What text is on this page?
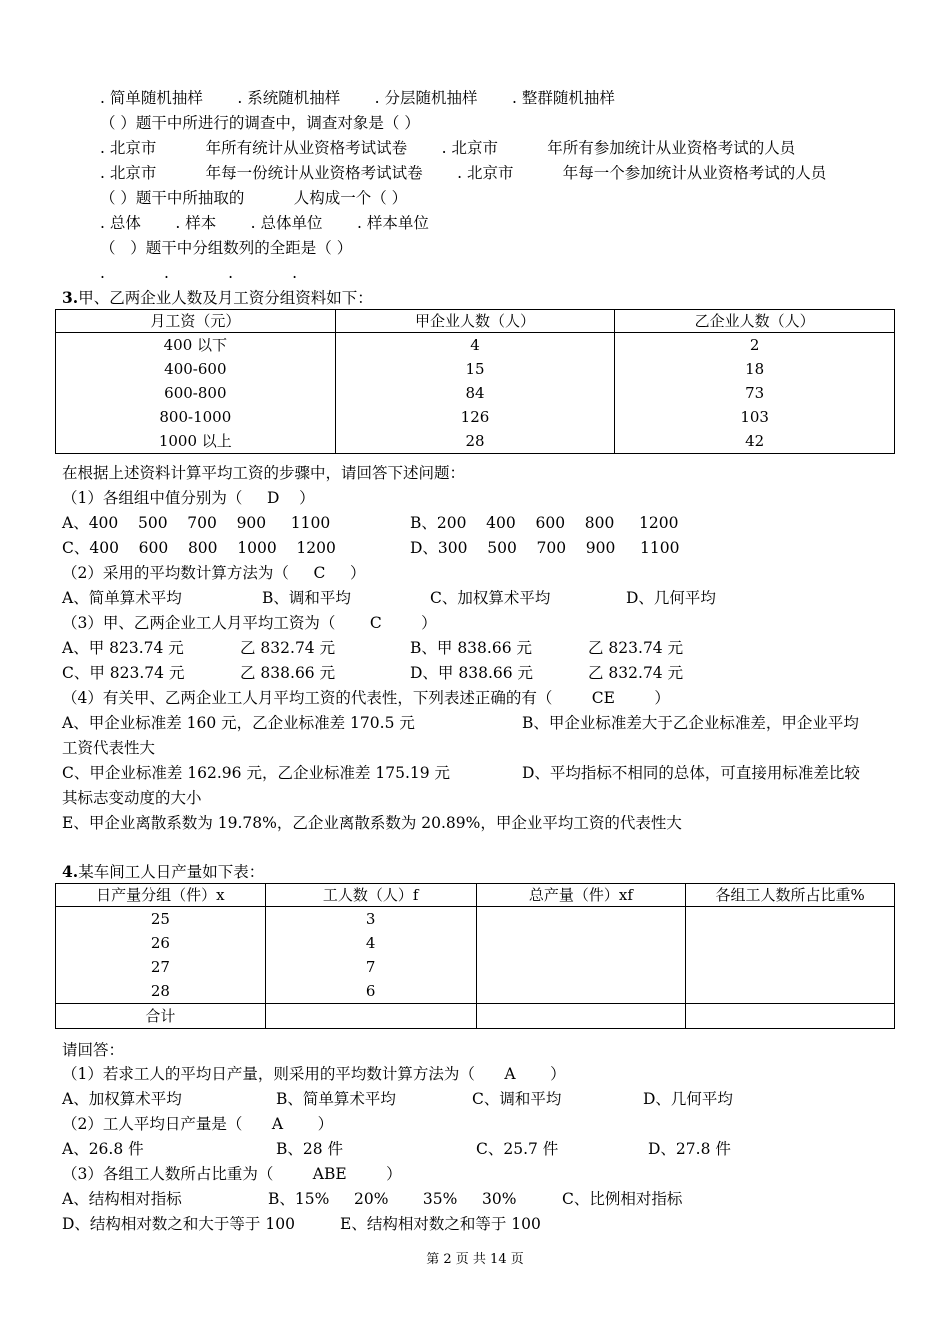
. 简单随机抽样       . 系统随机抽样       . 分层随机抽样       . 整群随机抽样
（ ）题干中所进行的调查中，调查对象是（ ）
. 北京市          年所有统计从业资格考试试卷       . 北京市          年所有参加统计从业资格考试的人员
. 北京市          年每一份统计从业资格考试试卷       . 北京市          年每一个参加统计从业资格考试的人员
（ ）题干中所抽取的          人构成一个（ ）
. 总体       . 样本       . 总体单位       . 样本单位
（   ）题干中分组数列的全距是（ ）
.            .            .            .
3.甲、乙两企业人数及月工资分组资料如下：
月工资（元）	甲企业人数（人）	乙企业人数（人）
400 以下	4	2
400-600	15	18
600-800	84	73
800-1000	126	103
1000 以上	28	42
在根据上述资料计算平均工资的步骤中，请回答下述问题：
（1）各组组中值分别为（     D    ）
A、400    500    700    900     1100	B、200    400    600    800     1200
C、400    600    800    1000    1200	D、300    500    700    900     1100
（2）采用的平均数计算方法为（     C     ）
A、简单算术平均	B、调和平均	C、加权算术平均	D、几何平均
（3）甲、乙两企业工人月平均工资为（       C        ）
A、甲 823.74 元	乙 832.74 元	B、甲 838.66 元	乙 823.74 元
C、甲 823.74 元	乙 838.66 元	D、甲 838.66 元	乙 832.74 元
（4）有关甲、乙两企业工人月平均工资的代表性，下列表述正确的有（        CE        ）
A、甲企业标准差 160 元，乙企业标准差 170.5 元	B、甲企业标准差大于乙企业标准差，甲企业平均
工资代表性大
C、甲企业标准差 162.96 元，乙企业标准差 175.19 元	D、平均指标不相同的总体，可直接用标准差比较
其标志变动度的大小
E、甲企业离散系数为 19.78%，乙企业离散系数为 20.89%，甲企业平均工资的代表性大
4.某车间工人日产量如下表：
日产量分组（件）x	工人数（人）f	总产量（件）xf	各组工人数所占比重%
25	3		
26	4		
27	7		
28	6		
合计			
请回答：
（1）若求工人的平均日产量，则采用的平均数计算方法为（      A       ）
A、加权算术平均	B、简单算术平均	C、调和平均	D、几何平均
（2）工人平均日产量是（      A       ）
A、26.8 件	B、28 件	C、25.7 件	D、27.8 件
（3）各组工人数所占比重为（        ABE        ）
A、结构相对指标	B、15%     20%       35%     30%	C、比例相对指标
D、结构相对数之和大于等于 100	E、结构相对数之和等于 100
第 2 页 共 14 页
